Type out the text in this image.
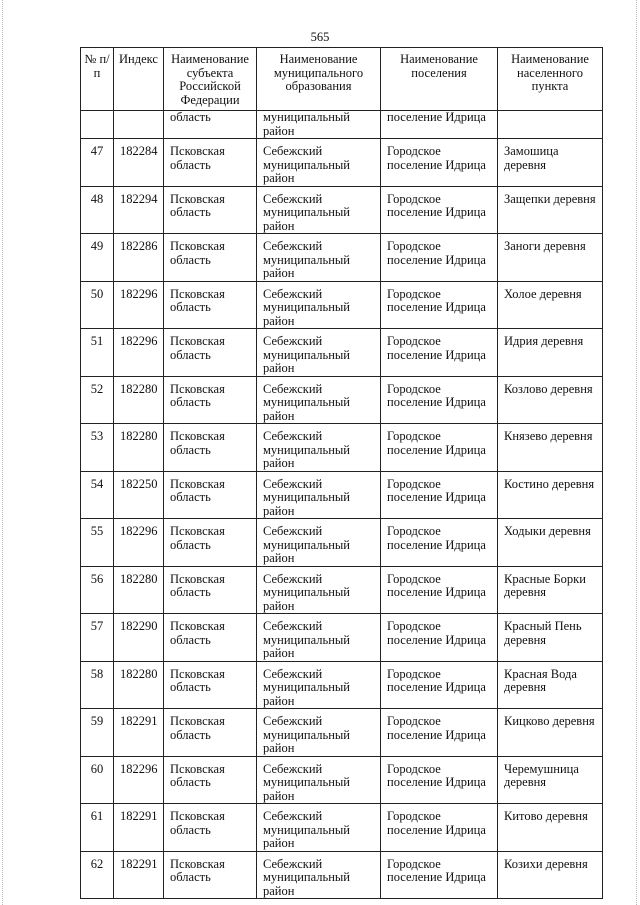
565
№ п/п	Индекс	Наименование субъекта Российской Федерации	Наименование муниципального образования	Наименование поселения	Наименование населенного пункта
		область	муниципальный район	поселение Идрица	
47	182284	Псковская область	Себежский муниципальный район	Городское поселение Идрица	Замошица деревня
48	182294	Псковская область	Себежский муниципальный район	Городское поселение Идрица	Защепки деревня
49	182286	Псковская область	Себежский муниципальный район	Городское поселение Идрица	Заноги деревня
50	182296	Псковская область	Себежский муниципальный район	Городское поселение Идрица	Холое деревня
51	182296	Псковская область	Себежский муниципальный район	Городское поселение Идрица	Идрия деревня
52	182280	Псковская область	Себежский муниципальный район	Городское поселение Идрица	Козлово деревня
53	182280	Псковская область	Себежский муниципальный район	Городское поселение Идрица	Князево деревня
54	182250	Псковская область	Себежский муниципальный район	Городское поселение Идрица	Костино деревня
55	182296	Псковская область	Себежский муниципальный район	Городское поселение Идрица	Ходыки деревня
56	182280	Псковская область	Себежский муниципальный район	Городское поселение Идрица	Красные Борки деревня
57	182290	Псковская область	Себежский муниципальный район	Городское поселение Идрица	Красный Пень деревня
58	182280	Псковская область	Себежский муниципальный район	Городское поселение Идрица	Красная Вода деревня
59	182291	Псковская область	Себежский муниципальный район	Городское поселение Идрица	Кицково деревня
60	182296	Псковская область	Себежский муниципальный район	Городское поселение Идрица	Черемушница деревня
61	182291	Псковская область	Себежский муниципальный район	Городское поселение Идрица	Китово деревня
62	182291	Псковская область	Себежский муниципальный район	Городское поселение Идрица	Козихи деревня
